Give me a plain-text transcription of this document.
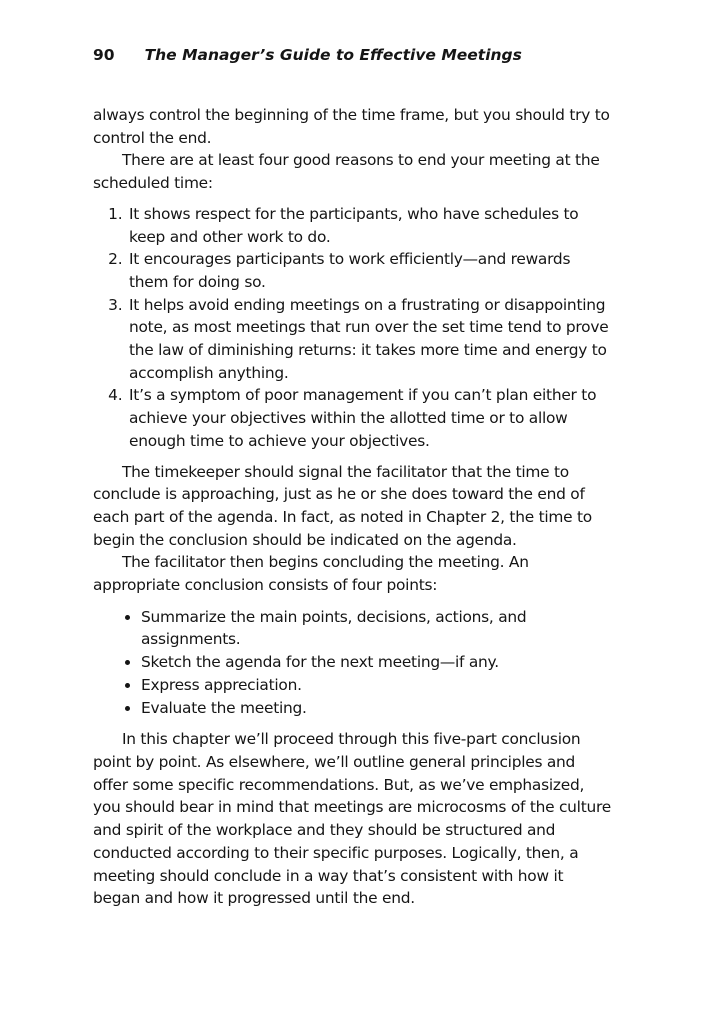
90 The Manager’s Guide to Effective Meetings

always control the beginning of the time frame, but you should try to control the end.

There are at least four good reasons to end your meeting at the scheduled time:

1. It shows respect for the participants, who have schedules to keep and other work to do.
2. It encourages participants to work efficiently—and rewards them for doing so.
3. It helps avoid ending meetings on a frustrating or disappointing note, as most meetings that run over the set time tend to prove the law of diminishing returns: it takes more time and energy to accomplish anything.
4. It’s a symptom of poor management if you can’t plan either to achieve your objectives within the allotted time or to allow enough time to achieve your objectives.

The timekeeper should signal the facilitator that the time to conclude is approaching, just as he or she does toward the end of each part of the agenda. In fact, as noted in Chapter 2, the time to begin the conclusion should be indicated on the agenda.

The facilitator then begins concluding the meeting. An appropriate conclusion consists of four points:

• Summarize the main points, decisions, actions, and assignments.
• Sketch the agenda for the next meeting—if any.
• Express appreciation.
• Evaluate the meeting.

In this chapter we’ll proceed through this five-part conclusion point by point. As elsewhere, we’ll outline general principles and offer some specific recommendations. But, as we’ve emphasized, you should bear in mind that meetings are microcosms of the culture and spirit of the workplace and they should be structured and conducted according to their specific purposes. Logically, then, a meeting should conclude in a way that’s consistent with how it began and how it progressed until the end.
